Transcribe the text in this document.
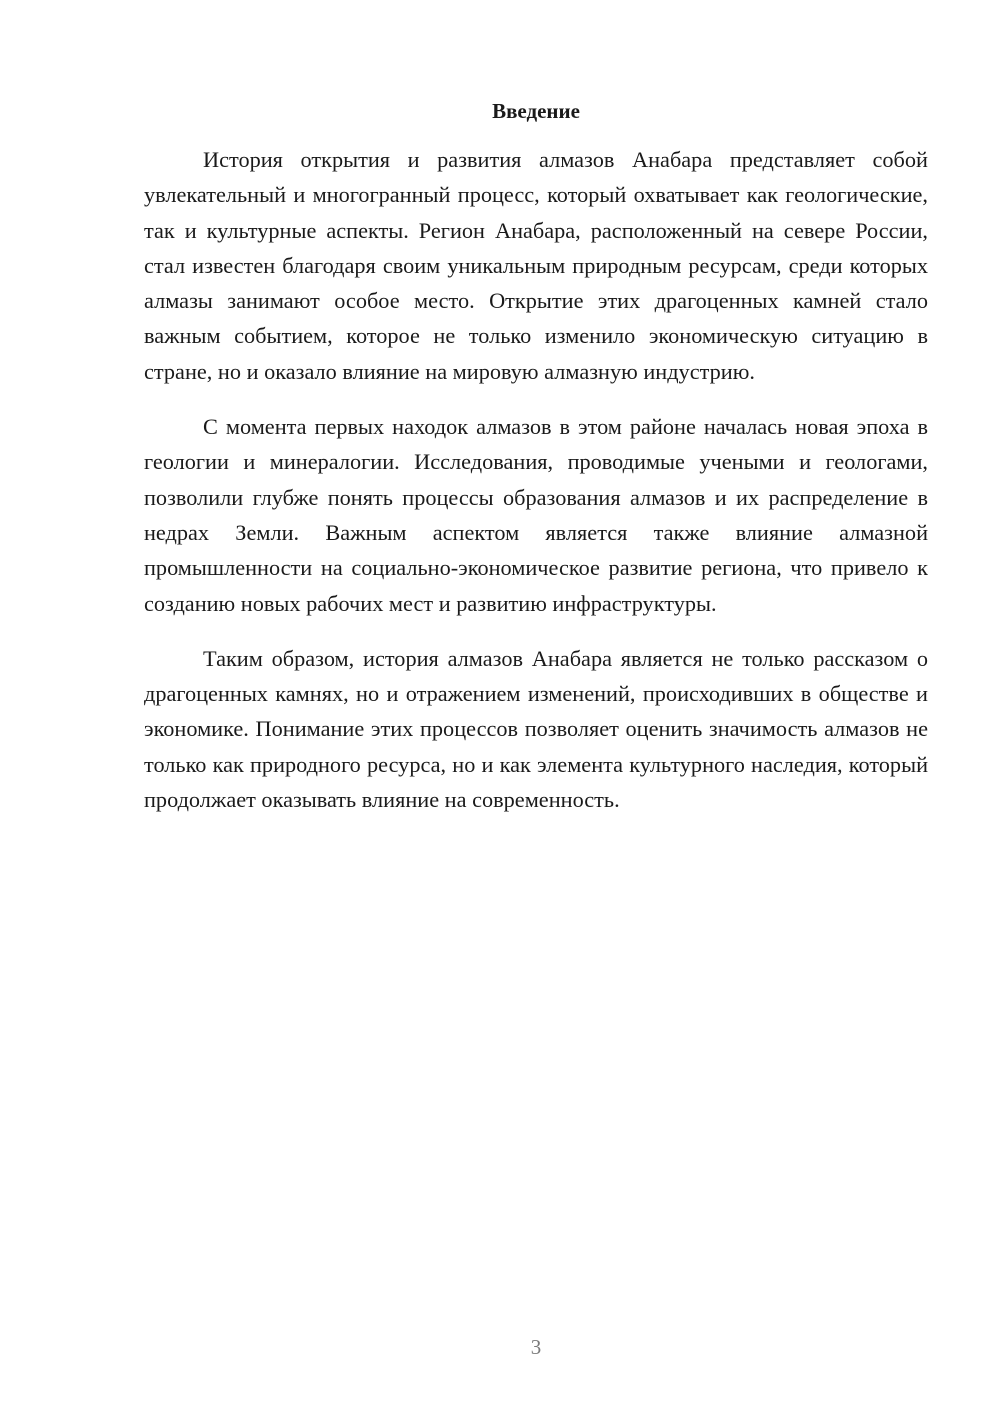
Введение

История открытия и развития алмазов Анабара представляет собой увлекательный и многогранный процесс, который охватывает как геологические, так и культурные аспекты. Регион Анабара, расположенный на севере России, стал известен благодаря своим уникальным природным ресурсам, среди которых алмазы занимают особое место. Открытие этих драгоценных камней стало важным событием, которое не только изменило экономическую ситуацию в стране, но и оказало влияние на мировую алмазную индустрию.

С момента первых находок алмазов в этом районе началась новая эпоха в геологии и минералогии. Исследования, проводимые учеными и геологами, позволили глубже понять процессы образования алмазов и их распределение в недрах Земли. Важным аспектом является также влияние алмазной промышленности на социально-экономическое развитие региона, что привело к созданию новых рабочих мест и развитию инфраструктуры.

Таким образом, история алмазов Анабара является не только рассказом о драгоценных камнях, но и отражением изменений, происходивших в обществе и экономике. Понимание этих процессов позволяет оценить значимость алмазов не только как природного ресурса, но и как элемента культурного наследия, который продолжает оказывать влияние на современность.

3
